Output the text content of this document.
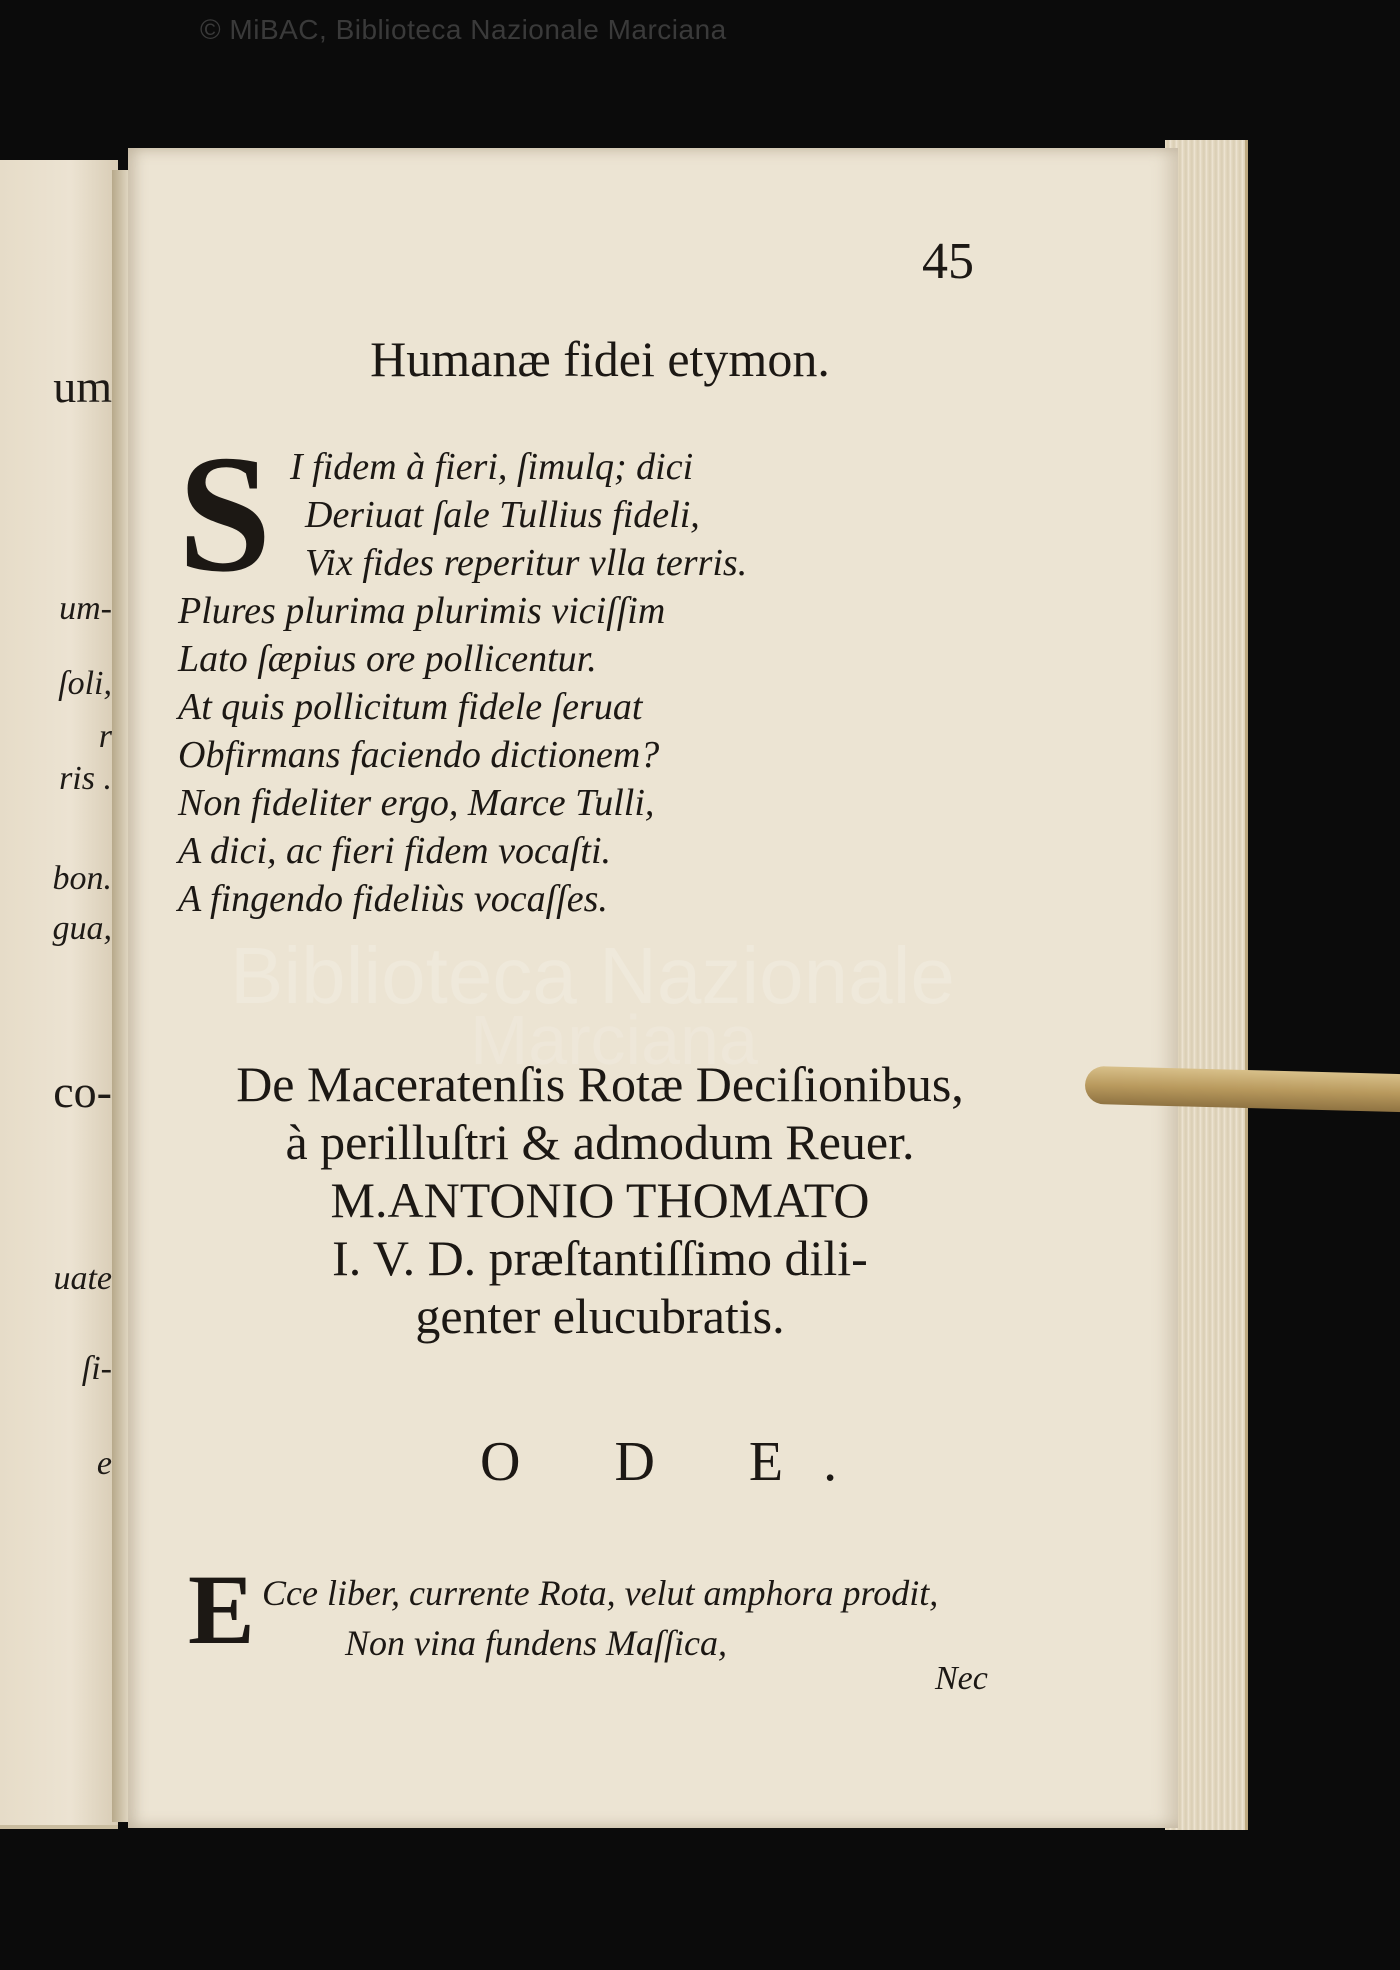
© MiBAC, Biblioteca Nazionale Marciana
um
um-
ſoli,
r
ris .
bon.
gua,
co-
uate
ſi-
e
45
Humanæ fidei etymon.
S I fidem à fieri, ſimulq; dici
Deriuat ſale Tullius fideli,
Vix fides reperitur vlla terris.
Plures plurima plurimis viciſſim
Lato ſæpius ore pollicentur.
At quis pollicitum fidele ſeruat
Obfirmans faciendo dictionem?
Non fideliter ergo, Marce Tulli,
A dici, ac fieri fidem vocaſti.
A fingendo fideliùs vocaſſes.
Biblioteca Nazionale
Marciana
De Maceratenſis Rotæ Deciſionibus,
à perilluſtri & admodum Reuer.
M.ANTONIO THOMATO
I. V. D. præſtantiſſimo dili-
genter elucubratis.
O D E.
E Cce liber, currente Rota, velut amphora prodit,
Non vina fundens Maſſica,
Nec
